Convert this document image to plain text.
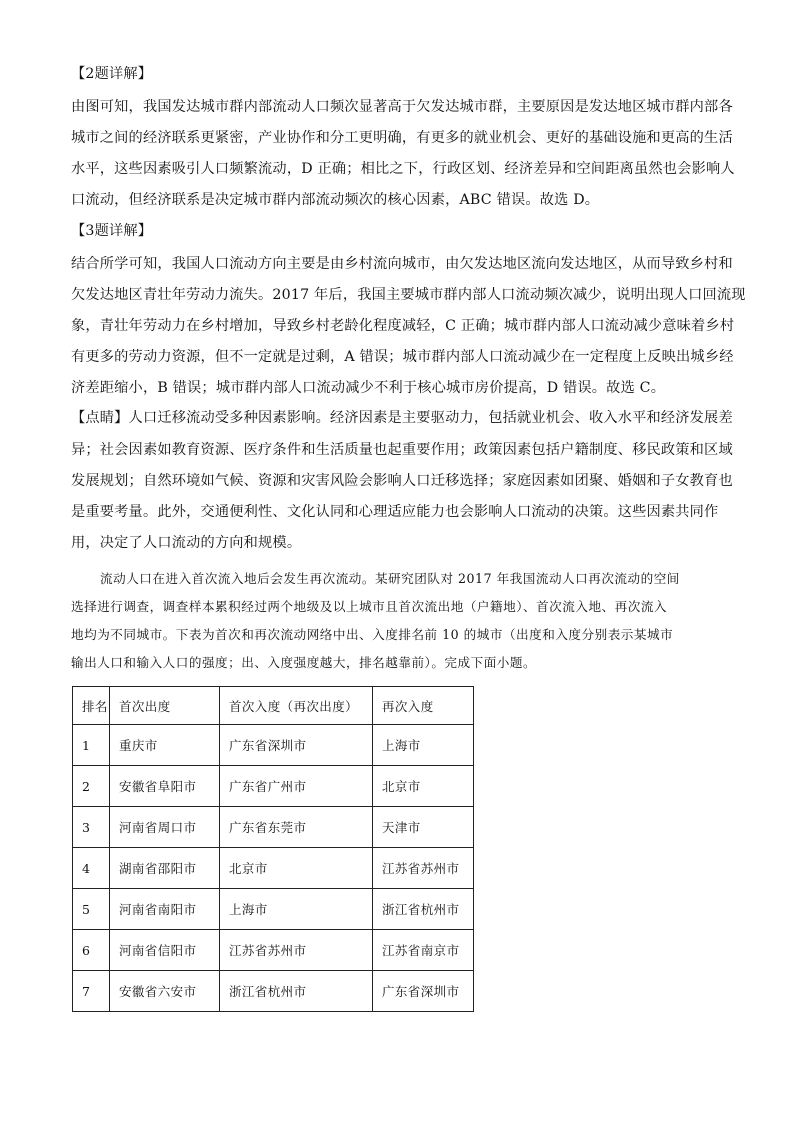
【2题详解】
由图可知，我国发达城市群内部流动人口频次显著高于欠发达城市群，主要原因是发达地区城市群内部各
城市之间的经济联系更紧密，产业协作和分工更明确，有更多的就业机会、更好的基础设施和更高的生活
水平，这些因素吸引人口频繁流动，D 正确；相比之下，行政区划、经济差异和空间距离虽然也会影响人
口流动，但经济联系是决定城市群内部流动频次的核心因素，ABC 错误。故选 D。
【3题详解】
结合所学可知，我国人口流动方向主要是由乡村流向城市，由欠发达地区流向发达地区，从而导致乡村和
欠发达地区青壮年劳动力流失。2017 年后，我国主要城市群内部人口流动频次减少，说明出现人口回流现
象，青壮年劳动力在乡村增加，导致乡村老龄化程度减轻，C 正确；城市群内部人口流动减少意味着乡村
有更多的劳动力资源，但不一定就是过剩，A 错误；城市群内部人口流动减少在一定程度上反映出城乡经
济差距缩小，B 错误；城市群内部人口流动减少不利于核心城市房价提高，D 错误。故选 C。
【点睛】人口迁移流动受多种因素影响。经济因素是主要驱动力，包括就业机会、收入水平和经济发展差
异；社会因素如教育资源、医疗条件和生活质量也起重要作用；政策因素包括户籍制度、移民政策和区域
发展规划；自然环境如气候、资源和灾害风险会影响人口迁移选择；家庭因素如团聚、婚姻和子女教育也
是重要考量。此外，交通便利性、文化认同和心理适应能力也会影响人口流动的决策。这些因素共同作
用，决定了人口流动的方向和规模。
流动人口在进入首次流入地后会发生再次流动。某研究团队对 2017 年我国流动人口再次流动的空间
选择进行调查，调查样本累积经过两个地级及以上城市且首次流出地（户籍地）、首次流入地、再次流入
地均为不同城市。下表为首次和再次流动网络中出、入度排名前 10 的城市（出度和入度分别表示某城市
输出人口和输入人口的强度；出、入度强度越大，排名越靠前）。完成下面小题。
排名	首次出度	首次入度（再次出度）	再次入度
1	重庆市	广东省深圳市	上海市
2	安徽省阜阳市	广东省广州市	北京市
3	河南省周口市	广东省东莞市	天津市
4	湖南省邵阳市	北京市	江苏省苏州市
5	河南省南阳市	上海市	浙江省杭州市
6	河南省信阳市	江苏省苏州市	江苏省南京市
7	安徽省六安市	浙江省杭州市	广东省深圳市
